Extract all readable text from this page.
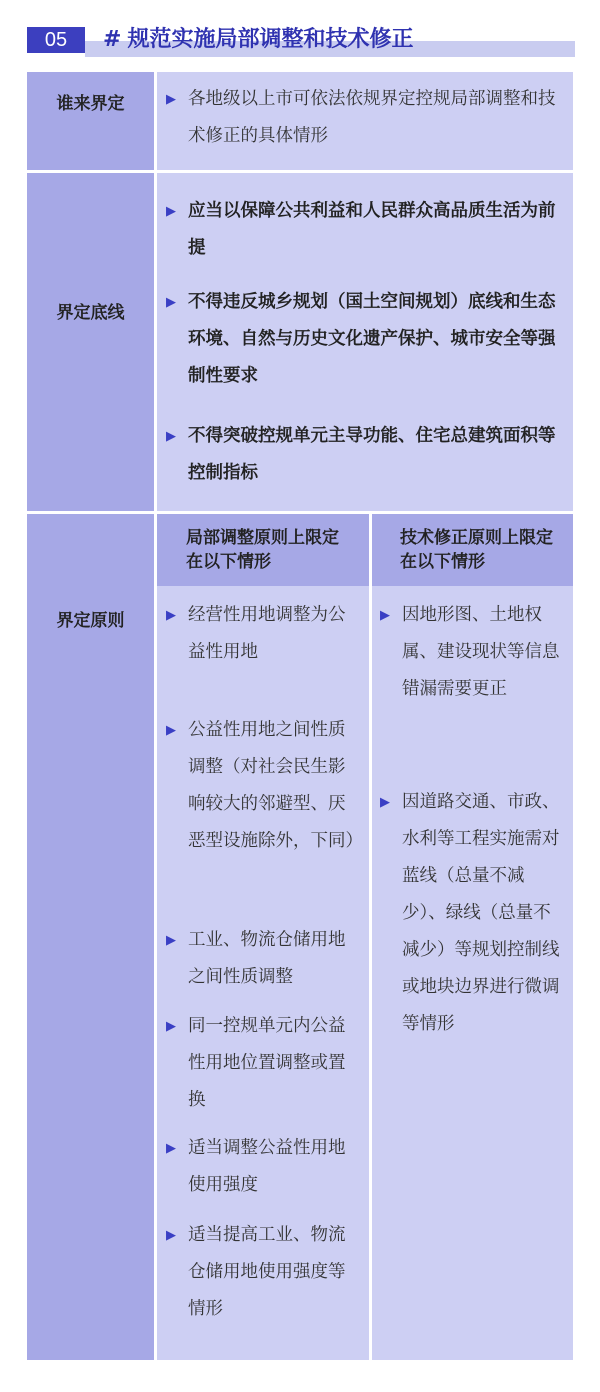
05	# 规范实施局部调整和技术修正
谁来界定	▶ 各地级以上市可依法依规界定控规局部调整和技术修正的具体情形
界定底线
▶ 应当以保障公共利益和人民群众高品质生活为前提
▶ 不得违反城乡规划（国土空间规划）底线和生态环境、自然与历史文化遗产保护、城市安全等强制性要求
▶ 不得突破控规单元主导功能、住宅总建筑面积等控制指标
界定原则
局部调整原则上限定在以下情形
▶ 经营性用地调整为公益性用地
▶ 公益性用地之间性质调整（对社会民生影响较大的邻避型、厌恶型设施除外，下同）
▶ 工业、物流仓储用地之间性质调整
▶ 同一控规单元内公益性用地位置调整或置换
▶ 适当调整公益性用地使用强度
▶ 适当提高工业、物流仓储用地使用强度等情形
技术修正原则上限定在以下情形
▶ 因地形图、土地权属、建设现状等信息错漏需要更正
▶ 因道路交通、市政、水利等工程实施需对蓝线（总量不减少）、绿线（总量不减少）等规划控制线或地块边界进行微调等情形
